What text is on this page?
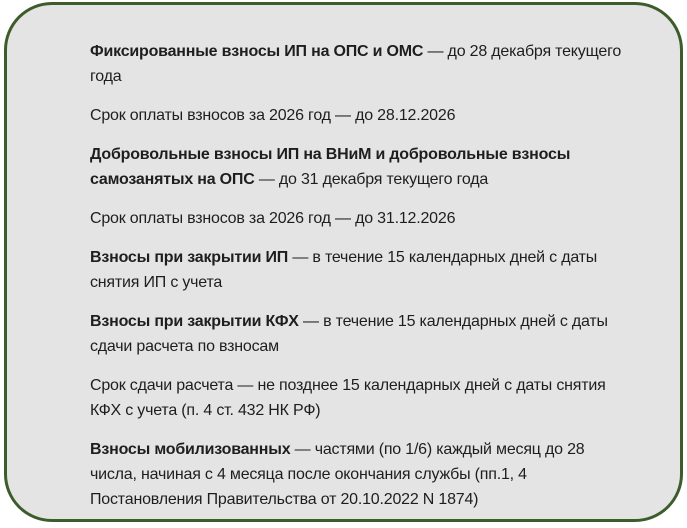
Фиксированные взносы ИП на ОПС и ОМС — до 28 декабря текущего года

Срок оплаты взносов за 2026 год — до 28.12.2026

Добровольные взносы ИП на ВНиМ и добровольные взносы самозанятых на ОПС — до 31 декабря текущего года

Срок оплаты взносов за 2026 год — до 31.12.2026

Взносы при закрытии ИП — в течение 15 календарных дней с даты снятия ИП с учета

Взносы при закрытии КФХ — в течение 15 календарных дней с даты сдачи расчета по взносам

Срок сдачи расчета — не позднее 15 календарных дней с даты снятия КФХ с учета (п. 4 ст. 432 НК РФ)

Взносы мобилизованных — частями (по 1/6) каждый месяц до 28 числа, начиная с 4 месяца после окончания службы (пп.1, 4 Постановления Правительства от 20.10.2022 N 1874)
